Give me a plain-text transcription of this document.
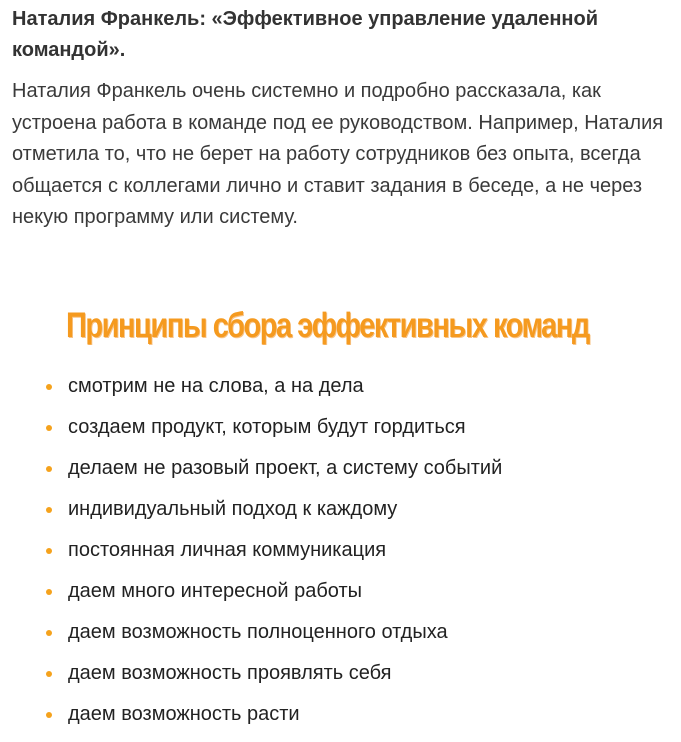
Наталия Франкель: «Эффективное управление удаленной командой».

Наталия Франкель очень системно и подробно рассказала, как устроена работа в команде под ее руководством. Например, Наталия отметила то, что не берет на работу сотрудников без опыта, всегда общается с коллегами лично и ставит задания в беседе, а не через некую программу или систему.

Принципы сбора эффективных команд
смотрим не на слова, а на дела
создаем продукт, которым будут гордиться
делаем не разовый проект, а систему событий
индивидуальный подход к каждому
постоянная личная коммуникация
даем много интересной работы
даем возможность полноценного отдыха
даем возможность проявлять себя
даем возможность расти
